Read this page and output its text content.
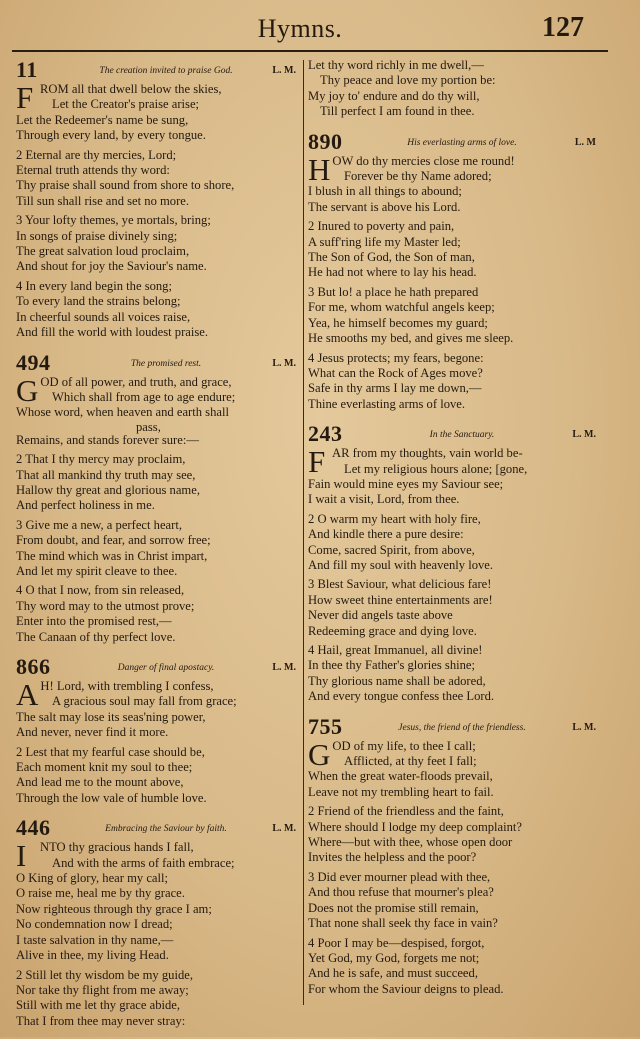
Hymns.	127
11	The creation invited to praise God.	L. M.
F ROM all that dwell below the skies,
Let the Creator's praise arise;
Let the Redeemer's name be sung,
Through every land, by every tongue.
2 Eternal are thy mercies, Lord;
Eternal truth attends thy word:
Thy praise shall sound from shore to shore,
Till sun shall rise and set no more.
3 Your lofty themes, ye mortals, bring;
In songs of praise divinely sing;
The great salvation loud proclaim,
And shout for joy the Saviour's name.
4 In every land begin the song;
To every land the strains belong;
In cheerful sounds all voices raise,
And fill the world with loudest praise.
494	The promised rest.	L. M.
G OD of all power, and truth, and grace,
Which shall from age to age endure;
Whose word, when heaven and earth shall
pass,
Remains, and stands forever sure:—
2 That I thy mercy may proclaim,
That all mankind thy truth may see,
Hallow thy great and glorious name,
And perfect holiness in me.
3 Give me a new, a perfect heart,
From doubt, and fear, and sorrow free;
The mind which was in Christ impart,
And let my spirit cleave to thee.
4 O that I now, from sin released,
Thy word may to the utmost prove;
Enter into the promised rest,—
The Canaan of thy perfect love.
866	Danger of final apostacy.	L. M.
A H! Lord, with trembling I confess,
A gracious soul may fall from grace;
The salt may lose its seas'ning power,
And never, never find it more.
2 Lest that my fearful case should be,
Each moment knit my soul to thee;
And lead me to the mount above,
Through the low vale of humble love.
446	Embracing the Saviour by faith.	L. M.
I NTO thy gracious hands I fall,
And with the arms of faith embrace;
O King of glory, hear my call;
O raise me, heal me by thy grace.
Now righteous through thy grace I am;
No condemnation now I dread;
I taste salvation in thy name,—
Alive in thee, my living Head.
2 Still let thy wisdom be my guide,
Nor take thy flight from me away;
Still with me let thy grace abide,
That I from thee may never stray:
Let thy word richly in me dwell,—
Thy peace and love my portion be:
My joy to' endure and do thy will,
Till perfect I am found in thee.
890	His everlasting arms of love.	L. M
H OW do thy mercies close me round!
Forever be thy Name adored;
I blush in all things to abound;
The servant is above his Lord.
2 Inured to poverty and pain,
A suff'ring life my Master led;
The Son of God, the Son of man,
He had not where to lay his head.
3 But lo! a place he hath prepared
For me, whom watchful angels keep;
Yea, he himself becomes my guard;
He smooths my bed, and gives me sleep.
4 Jesus protects; my fears, begone:
What can the Rock of Ages move?
Safe in thy arms I lay me down,—
Thine everlasting arms of love.
243	In the Sanctuary.	L. M.
F AR from my thoughts, vain world be-
Let my religious hours alone; [gone,
Fain would mine eyes my Saviour see;
I wait a visit, Lord, from thee.
2 O warm my heart with holy fire,
And kindle there a pure desire:
Come, sacred Spirit, from above,
And fill my soul with heavenly love.
3 Blest Saviour, what delicious fare!
How sweet thine entertainments are!
Never did angels taste above
Redeeming grace and dying love.
4 Hail, great Immanuel, all divine!
In thee thy Father's glories shine;
Thy glorious name shall be adored,
And every tongue confess thee Lord.
755	Jesus, the friend of the friendless.	L. M.
G OD of my life, to thee I call;
Afflicted, at thy feet I fall;
When the great water-floods prevail,
Leave not my trembling heart to fail.
2 Friend of the friendless and the faint,
Where should I lodge my deep complaint?
Where—but with thee, whose open door
Invites the helpless and the poor?
3 Did ever mourner plead with thee,
And thou refuse that mourner's plea?
Does not the promise still remain,
That none shall seek thy face in vain?
4 Poor I may be—despised, forgot,
Yet God, my God, forgets me not;
And he is safe, and must succeed,
For whom the Saviour deigns to plead.
